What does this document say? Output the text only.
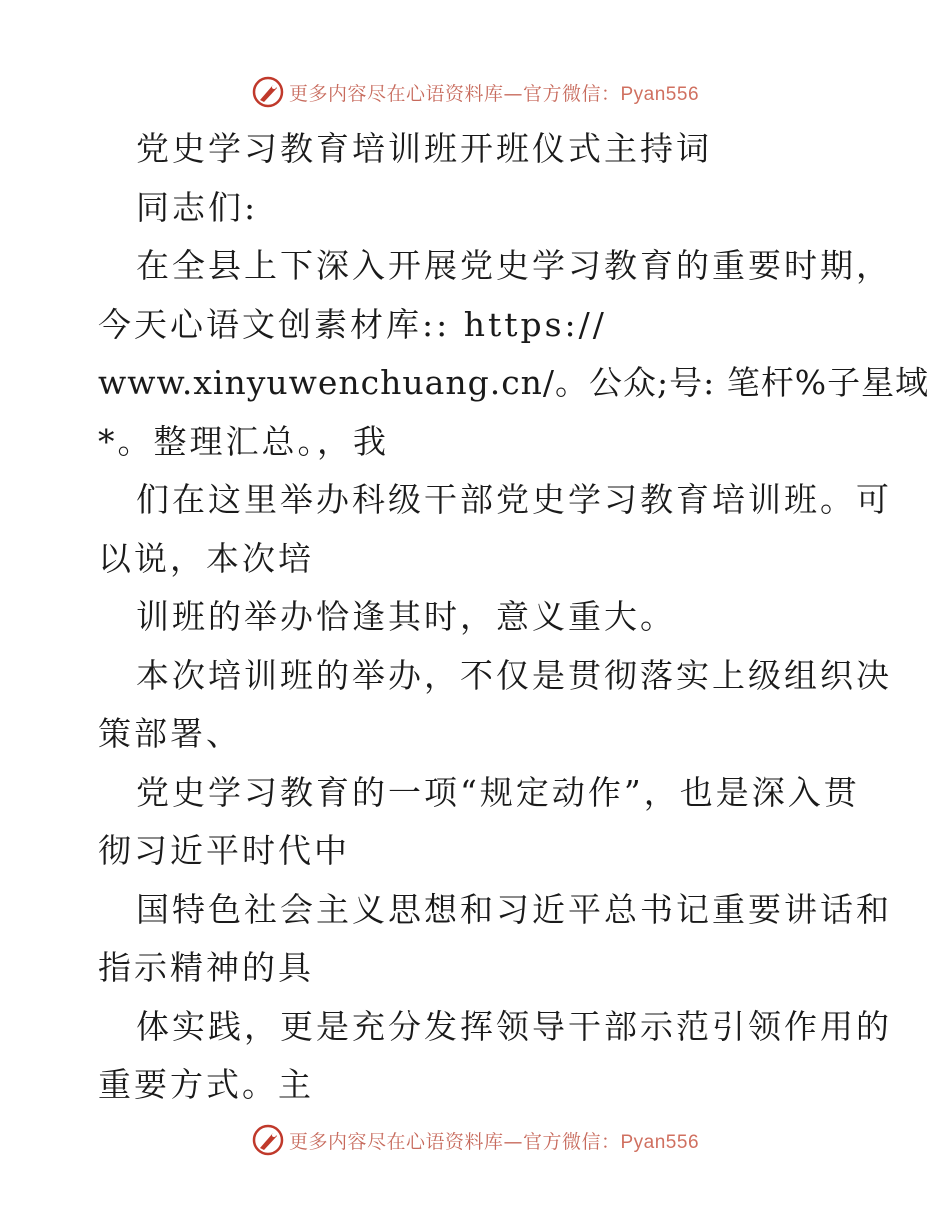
更多内容尽在心语资料库—官方微信：Pyan556
党史学习教育培训班开班仪式主持词
同志们:
在全县上下深入开展党史学习教育的重要时期，
今天心语文创素材库:: https://
www.xinyuwenchuang.cn/。公众;号: 笔杆%子星域
*。整理汇总。，我
们在这里举办科级干部党史学习教育培训班。可
以说，本次培
训班的举办恰逢其时，意义重大。
本次培训班的举办，不仅是贯彻落实上级组织决
策部署、
党史学习教育的一项“规定动作”，也是深入贯
彻习近平时代中
国特色社会主义思想和习近平总书记重要讲话和
指示精神的具
体实践，更是充分发挥领导干部示范引领作用的
重要方式。主
更多内容尽在心语资料库—官方微信：Pyan556
